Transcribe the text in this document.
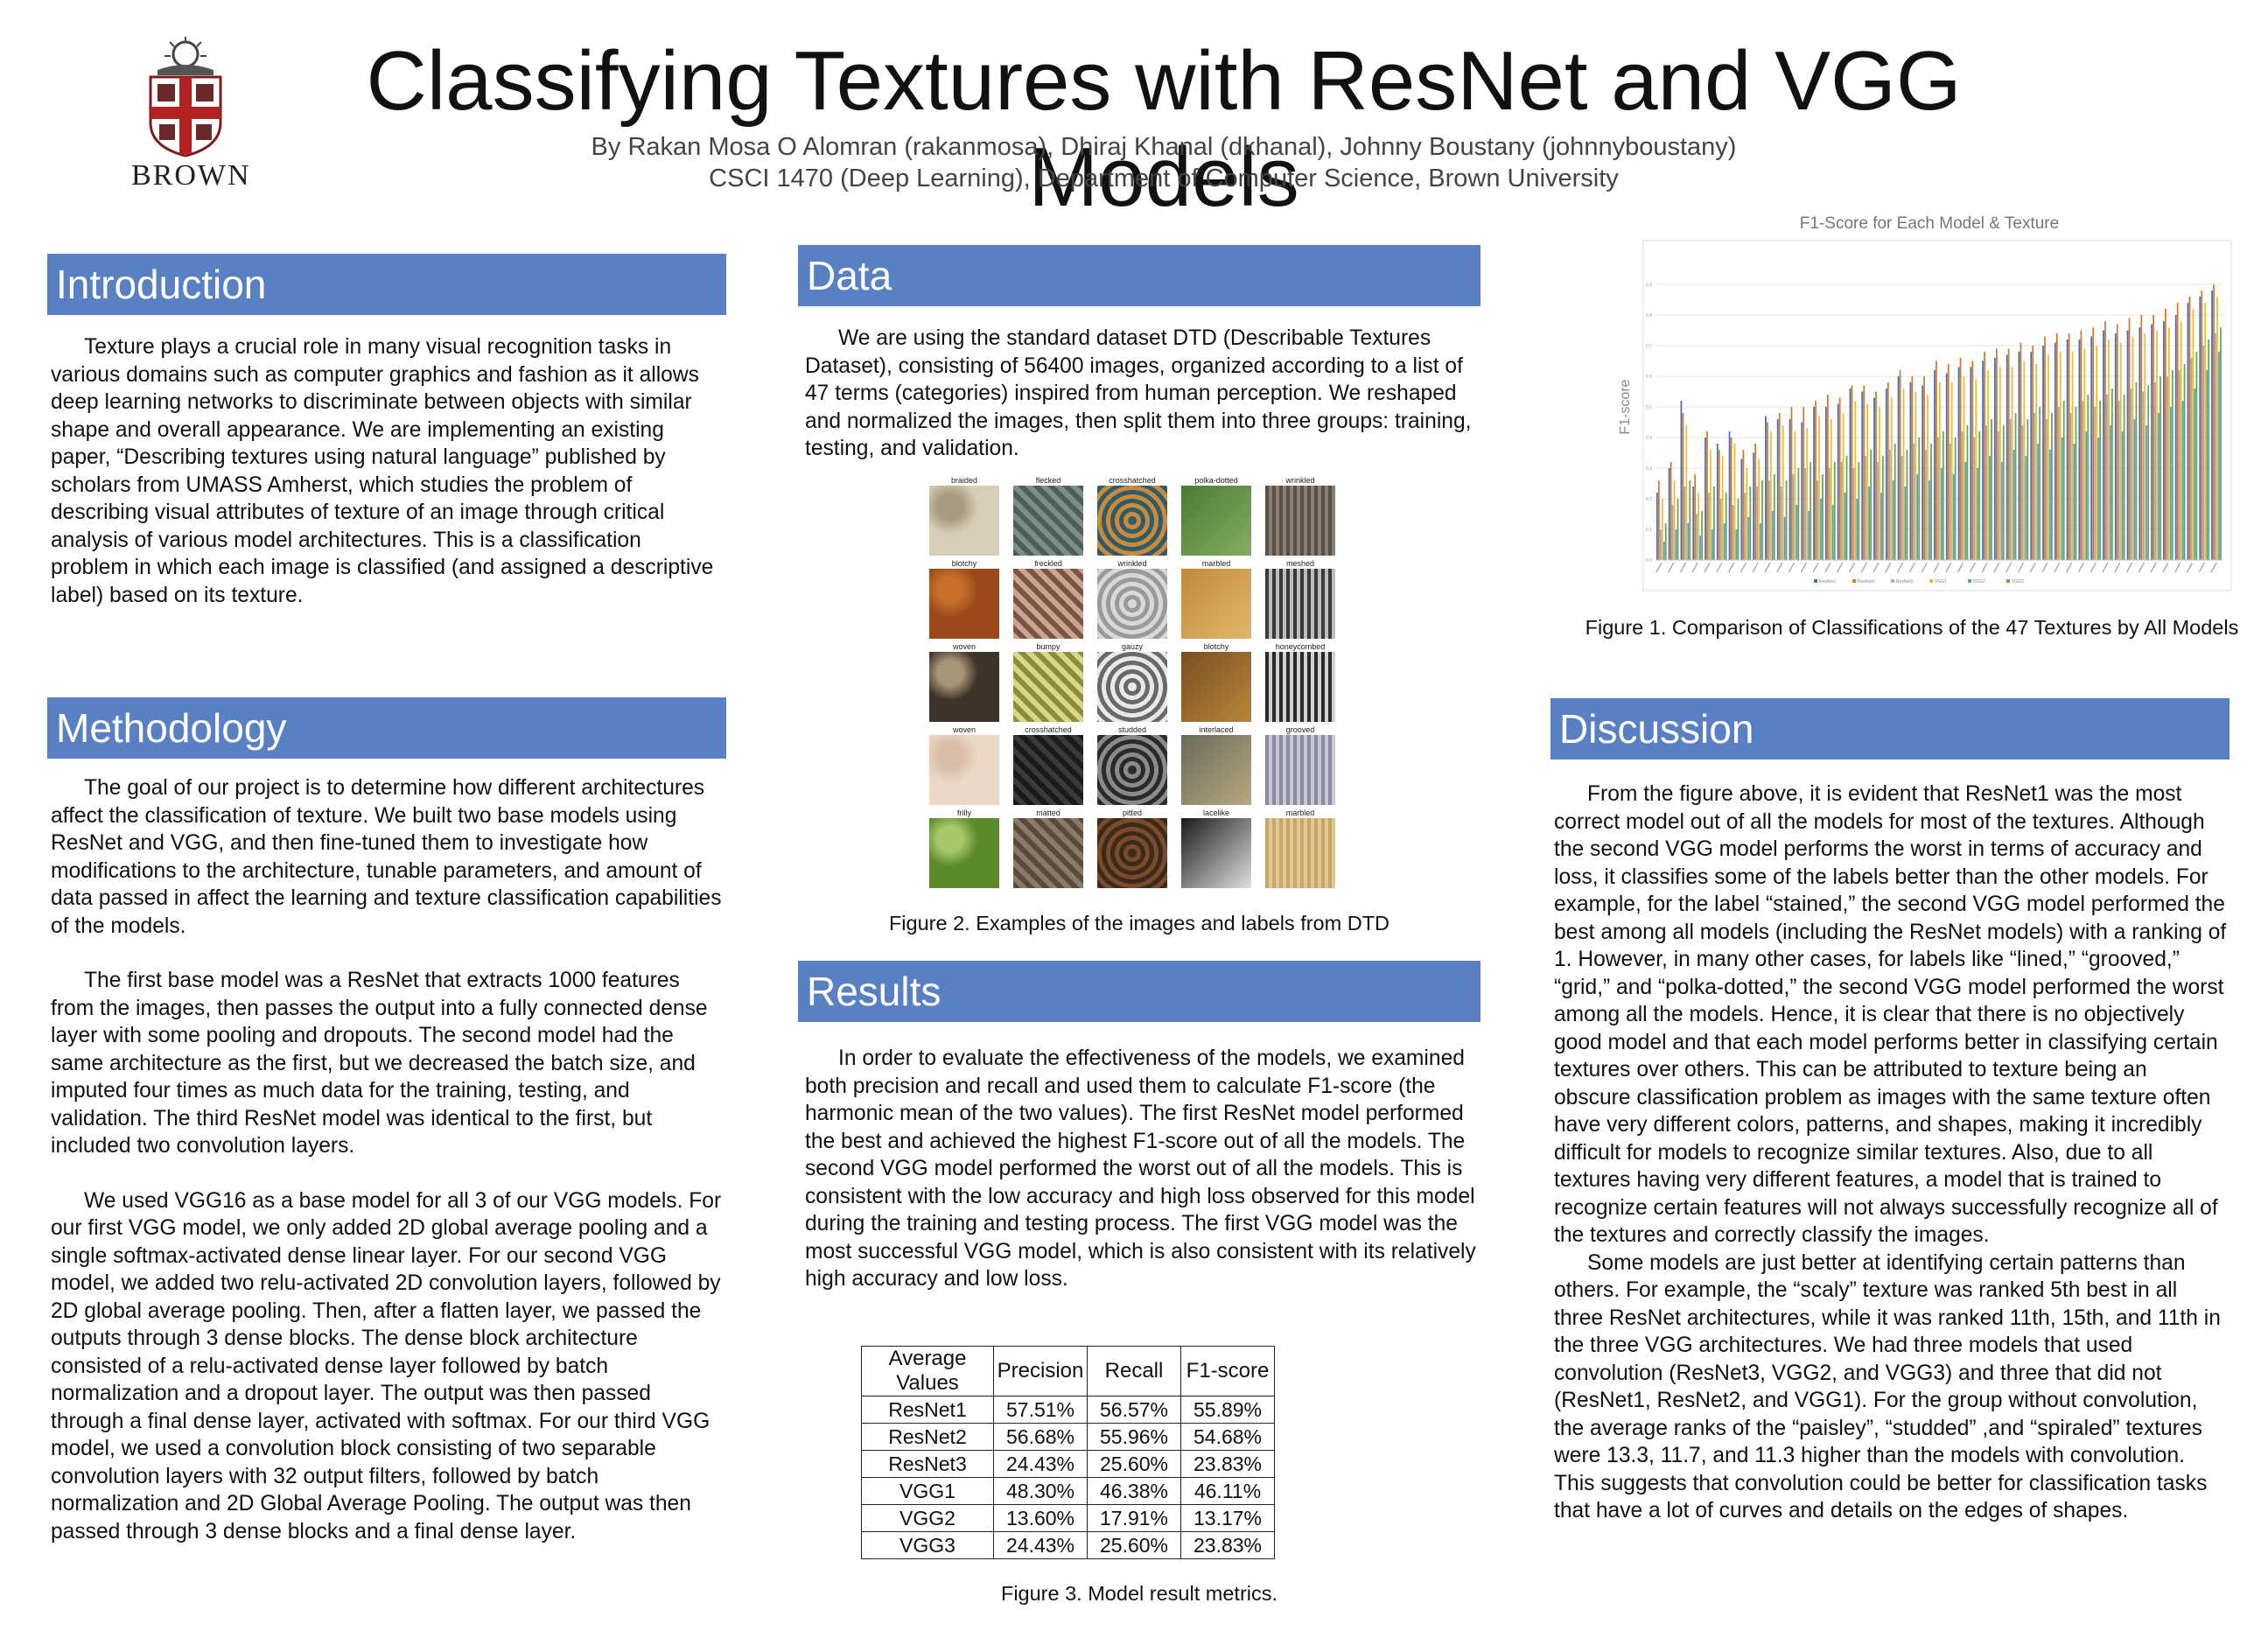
BROWN
Classifying Textures with ResNet and VGG Models
By Rakan Mosa O Alomran (rakanmosa), Dhiraj Khanal (dkhanal), Johnny Boustany (johnnyboustany)
CSCI 1470 (Deep Learning), Department of Computer Science, Brown University
Introduction

Texture plays a crucial role in many visual recognition tasks in various domains such as computer graphics and fashion as it allows deep learning networks to discriminate between objects with similar shape and overall appearance. We are implementing an existing paper, “Describing textures using natural language” published by scholars from UMASS Amherst, which studies the problem of describing visual attributes of texture of an image through critical analysis of various model architectures. This is a classification problem in which each image is classified (and assigned a descriptive label) based on its texture.

Methodology

The goal of our project is to determine how different architectures affect the classification of texture. We built two base models using ResNet and VGG, and then fine-tuned them to investigate how modifications to the architecture, tunable parameters, and amount of data passed in affect the learning and texture classification capabilities of the models.

The first base model was a ResNet that extracts 1000 features from the images, then passes the output into a fully connected dense layer with some pooling and dropouts. The second model had the same architecture as the first, but we decreased the batch size, and imputed four times as much data for the training, testing, and validation. The third ResNet model was identical to the first, but included two convolution layers.

We used VGG16 as a base model for all 3 of our VGG models. For our first VGG model, we only added 2D global average pooling and a single softmax-activated dense linear layer. For our second VGG model, we added two relu-activated 2D convolution layers, followed by 2D global average pooling. Then, after a flatten layer, we passed the outputs through 3 dense blocks. The dense block architecture consisted of a relu-activated dense layer followed by batch normalization and a dropout layer. The output was then passed through a final dense layer, activated with softmax. For our third VGG model, we used a convolution block consisting of two separable convolution layers with 32 output filters, followed by batch normalization and 2D Global Average Pooling. The output was then passed through 3 dense blocks and a final dense layer.

Data

We are using the standard dataset DTD (Describable Textures Dataset), consisting of 56400 images, organized according to a list of 47 terms (categories) inspired from human perception. We reshaped and normalized the images, then split them into three groups: training, testing, and validation.

braided	flecked	crosshatched	polka-dotted	wrinkled
blotchy	freckled	wrinkled	marbled	meshed
woven	bumpy	gauzy	blotchy	honeycombed
woven	crosshatched	studded	interlaced	grooved
frilly	matted	pitted	lacelike	marbled
Figure 2. Examples of the images and labels from DTD
Results

In order to evaluate the effectiveness of the models, we examined both precision and recall and used them to calculate F1-score (the harmonic mean of the two values). The first ResNet model performed the best and achieved the highest F1-score out of all the models. The second VGG model performed the worst out of all the models. This is consistent with the low accuracy and high loss observed for this model during the training and testing process. The first VGG model was the most successful VGG model, which is also consistent with its relatively high accuracy and low loss.

Average Values	Precision	Recall	F1-score
ResNet1	57.51%	56.57%	55.89%
ResNet2	56.68%	55.96%	54.68%
ResNet3	24.43%	25.60%	23.83%
VGG1	48.30%	46.38%	46.11%
VGG2	13.60%	17.91%	13.17%
VGG3	24.43%	25.60%	23.83%
Figure 3. Model result metrics.
F1-Score for Each Model & Texture
F1-score
0.0
0.1
0.2
0.3
0.4
0.5
0.6
0.7
0.8
0.9
ResNet1	ResNet2	ResNet3	VGG1	VGG2	VGG3
Figure 1. Comparison of Classifications of the 47 Textures by All Models
Discussion

From the figure above, it is evident that ResNet1 was the most correct model out of all the models for most of the textures. Although the second VGG model performs the worst in terms of accuracy and loss, it classifies some of the labels better than the other models. For example, for the label “stained,” the second VGG model performed the best among all models (including the ResNet models) with a ranking of 1. However, in many other cases, for labels like “lined,” “grooved,” “grid,” and “polka-dotted,” the second VGG model performed the worst among all the models. Hence, it is clear that there is no objectively good model and that each model performs better in classifying certain textures over others. This can be attributed to texture being an obscure classification problem as images with the same texture often have very different colors, patterns, and shapes, making it incredibly difficult for models to recognize similar textures. Also, due to all textures having very different features, a model that is trained to recognize certain features will not always successfully recognize all of the textures and correctly classify the images.

Some models are just better at identifying certain patterns than others. For example, the “scaly” texture was ranked 5th best in all three ResNet architectures, while it was ranked 11th, 15th, and 11th in the three VGG architectures. We had three models that used convolution (ResNet3, VGG2, and VGG3) and three that did not (ResNet1, ResNet2, and VGG1). For the group without convolution, the average ranks of the “paisley”, “studded” ,and “spiraled” textures were 13.3, 11.7, and 11.3 higher than the models with convolution. This suggests that convolution could be better for classification tasks that have a lot of curves and details on the edges of shapes.
